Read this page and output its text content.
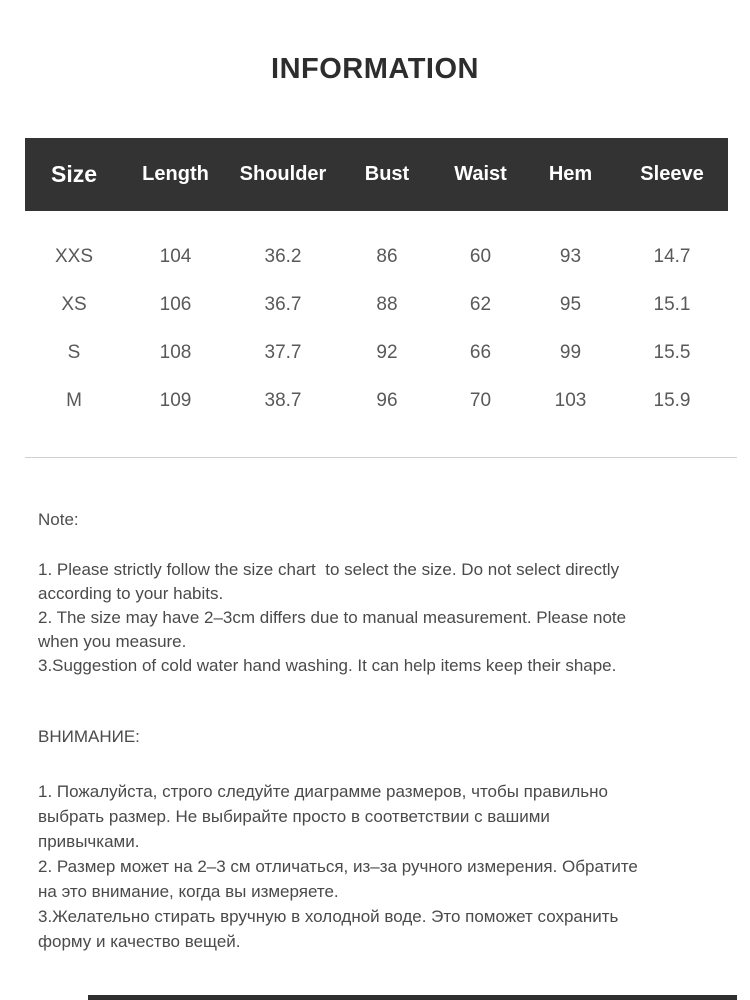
INFORMATION
Size	Length	Shoulder	Bust	Waist	Hem	Sleeve
XXS	104	36.2	86	60	93	14.7
XS	106	36.7	88	62	95	15.1
S	108	37.7	92	66	99	15.5
M	109	38.7	96	70	103	15.9
Note:
1. Please strictly follow the size chart  to select the size. Do not select directly
according to your habits.
2. The size may have 2–3cm differs due to manual measurement. Please note
when you measure.
3.Suggestion of cold water hand washing. It can help items keep their shape.
ВНИМАНИЕ:
1. Пожалуйста, строго следуйте диаграмме размеров, чтобы правильно
выбрать размер. Не выбирайте просто в соответствии с вашими
привычками.
2. Размер может на 2–3 см отличаться, из–за ручного измерения. Обратите
на это внимание, когда вы измеряете.
3.Желательно стирать вручную в холодной воде. Это поможет сохранить
форму и качество вещей.
